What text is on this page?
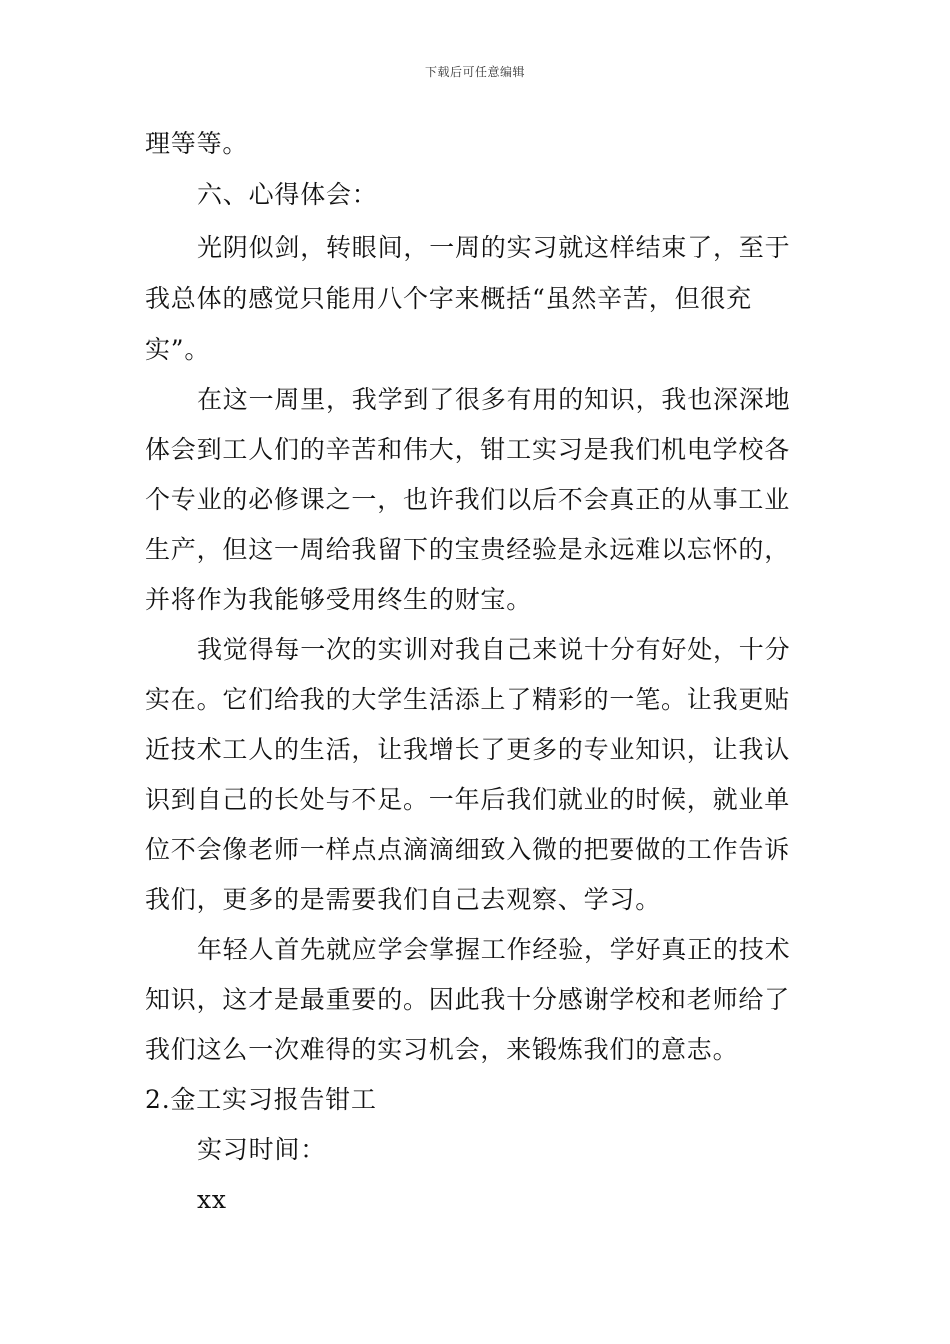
下载后可任意编辑
理等等。
六、心得体会：
光阴似剑，转眼间，一周的实习就这样结束了，至于
我总体的感觉只能用八个字来概括“虽然辛苦，但很充
实”。
在这一周里，我学到了很多有用的知识，我也深深地
体会到工人们的辛苦和伟大，钳工实习是我们机电学校各
个专业的必修课之一，也许我们以后不会真正的从事工业
生产，但这一周给我留下的宝贵经验是永远难以忘怀的，
并将作为我能够受用终生的财宝。
我觉得每一次的实训对我自己来说十分有好处，十分
实在。它们给我的大学生活添上了精彩的一笔。让我更贴
近技术工人的生活，让我增长了更多的专业知识，让我认
识到自己的长处与不足。一年后我们就业的时候，就业单
位不会像老师一样点点滴滴细致入微的把要做的工作告诉
我们，更多的是需要我们自己去观察、学习。
年轻人首先就应学会掌握工作经验，学好真正的技术
知识，这才是最重要的。因此我十分感谢学校和老师给了
我们这么一次难得的实习机会，来锻炼我们的意志。
2.金工实习报告钳工
实习时间：
xx
